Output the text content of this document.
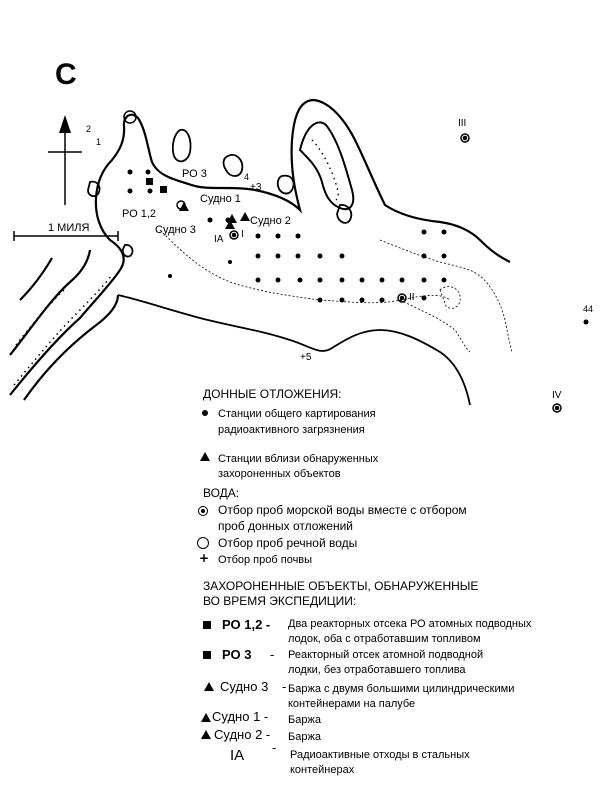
C
1 МИЛЯ
РО 3
РО 1,2
Судно 1
Судно 2
Судно 3
IA I
II
III
IV
44
+5
+3
4
2
1
ДОННЫЕ ОТЛОЖЕНИЯ:
Станции общего картирования
радиоактивного загрязнения
Станции вблизи обнаруженных
захороненных объектов
ВОДА:
Отбор проб морской воды вместе с отбором
проб донных отложений
Отбор проб речной воды
+ Отбор проб почвы
ЗАХОРОНЕННЫЕ ОБЪЕКТЫ, ОБНАРУЖЕННЫЕ
ВО ВРЕМЯ ЭКСПЕДИЦИИ:
РО 1,2 - Два реакторных отсека РО атомных подводных
лодок, оба с отработавшим топливом
РО 3 - Реакторный отсек атомной подводной
лодки, без отработавшего топлива
Судно 3 - Баржа с двумя большими цилиндрическими
контейнерами на палубе
Судно 1 - Баржа
Судно 2 - Баржа
IA - Радиоактивные отходы в стальных
контейнерах
